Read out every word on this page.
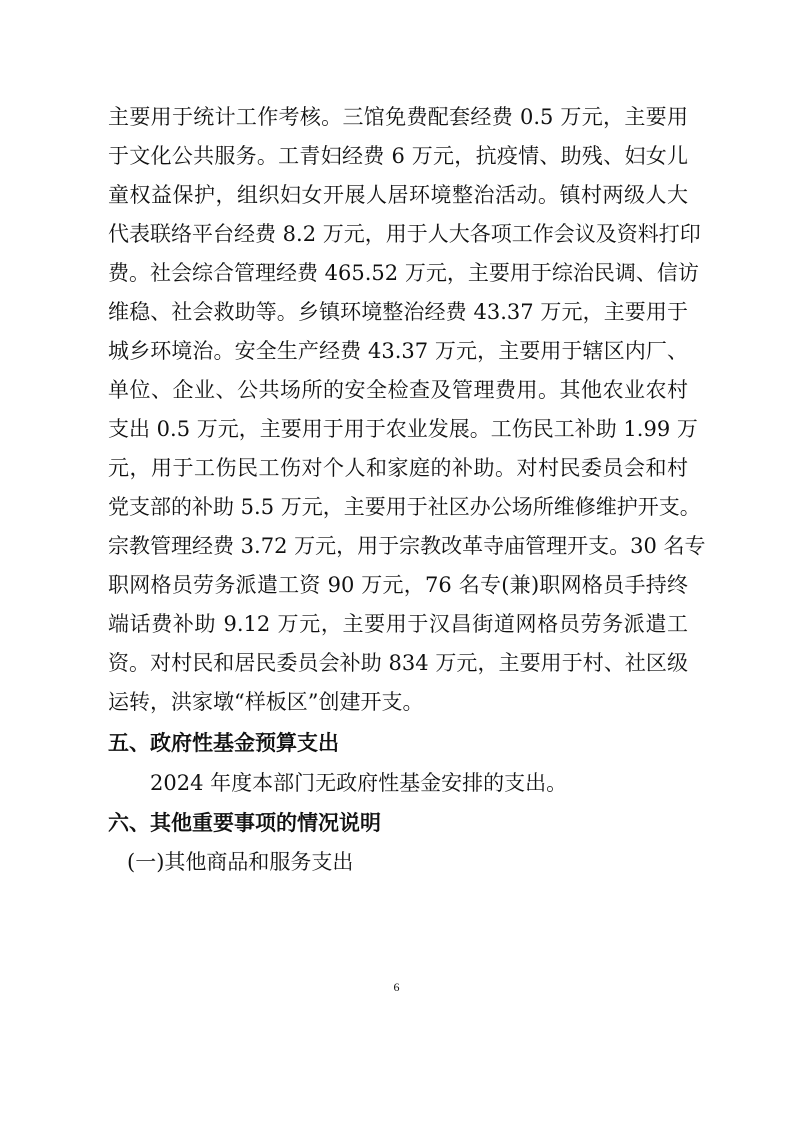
主要用于统计工作考核。三馆免费配套经费 0.5 万元，主要用
于文化公共服务。工青妇经费 6 万元，抗疫情、助残、妇女儿
童权益保护，组织妇女开展人居环境整治活动。镇村两级人大
代表联络平台经费 8.2 万元，用于人大各项工作会议及资料打印
费。社会综合管理经费 465.52 万元，主要用于综治民调、信访
维稳、社会救助等。乡镇环境整治经费 43.37 万元，主要用于
城乡环境治。安全生产经费 43.37 万元，主要用于辖区内厂、
单位、企业、公共场所的安全检查及管理费用。其他农业农村
支出 0.5 万元，主要用于用于农业发展。工伤民工补助 1.99 万
元，用于工伤民工伤对个人和家庭的补助。对村民委员会和村
党支部的补助 5.5 万元，主要用于社区办公场所维修维护开支。
宗教管理经费 3.72 万元，用于宗教改革寺庙管理开支。30 名专
职网格员劳务派遣工资 90 万元，76 名专(兼)职网格员手持终
端话费补助 9.12 万元，主要用于汉昌街道网格员劳务派遣工
资。对村民和居民委员会补助 834 万元，主要用于村、社区级
运转，洪家墩“样板区”创建开支。
五、政府性基金预算支出
2024 年度本部门无政府性基金安排的支出。
六、其他重要事项的情况说明
(一)其他商品和服务支出
6
